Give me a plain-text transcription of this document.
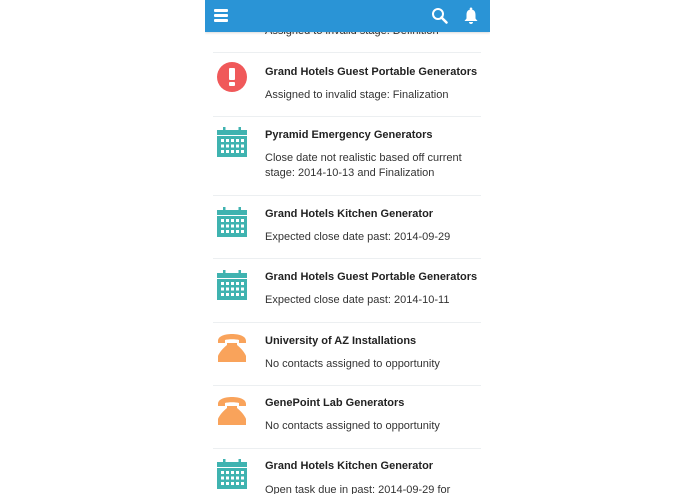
Grand Hotels Guest Portable Generators
Assigned to invalid stage: Finalization
Pyramid Emergency Generators
Close date not realistic based off current stage: 2014-10-13 and Finalization
Grand Hotels Kitchen Generator
Expected close date past: 2014-09-29
Grand Hotels Guest Portable Generators
Expected close date past: 2014-10-11
University of AZ Installations
No contacts assigned to opportunity
GenePoint Lab Generators
No contacts assigned to opportunity
Grand Hotels Kitchen Generator
Open task due in past: 2014-09-29 for
